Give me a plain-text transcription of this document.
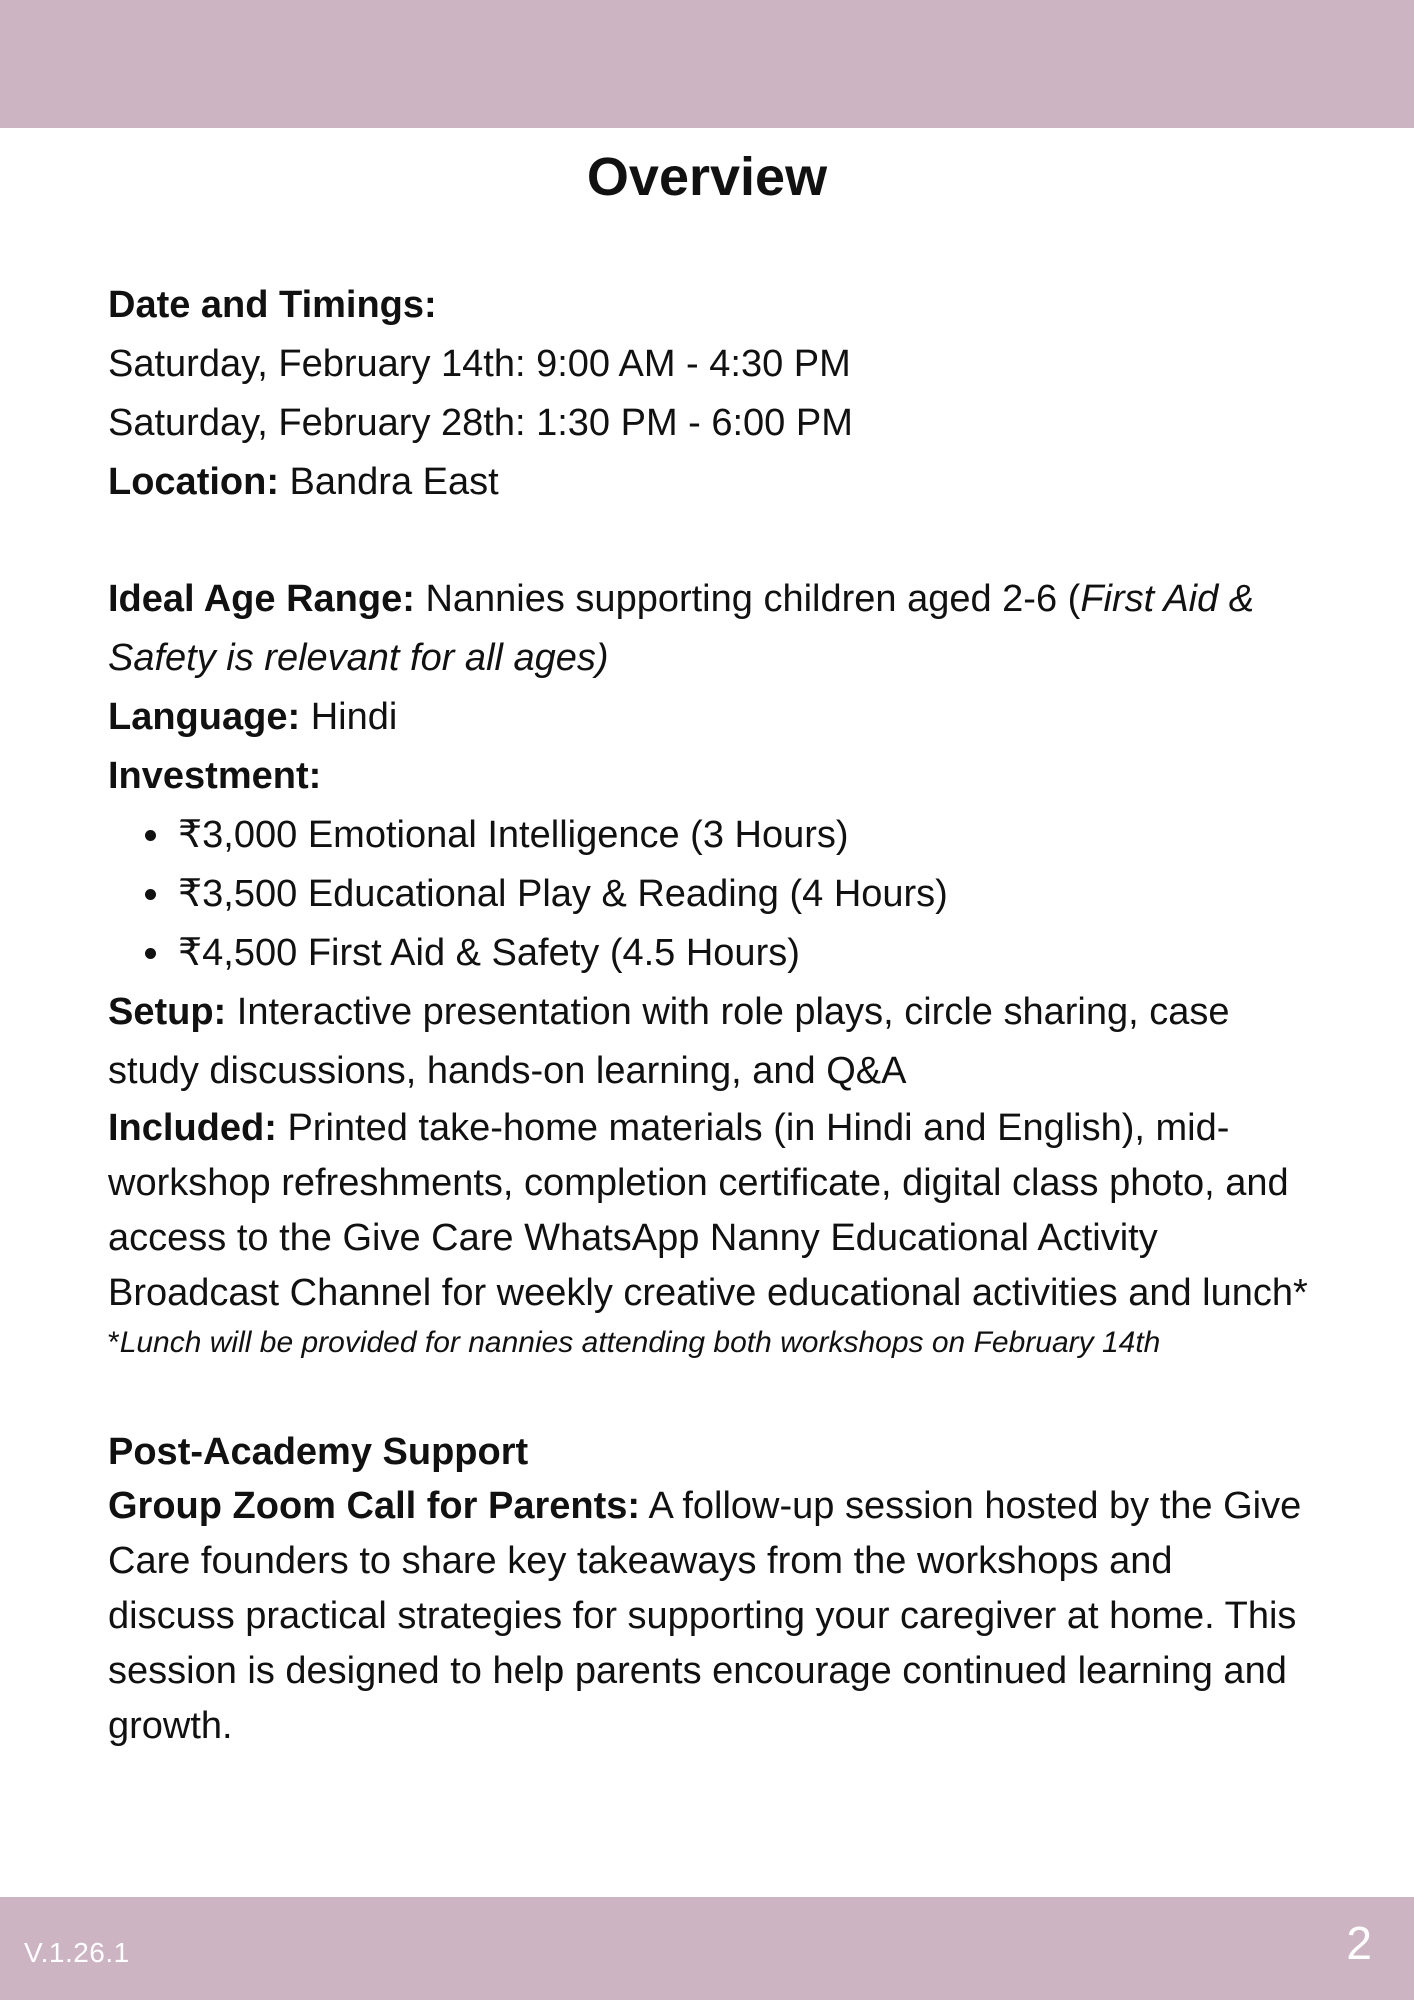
Overview

Date and Timings:

Saturday, February 14th: 9:00 AM - 4:30 PM

Saturday, February 28th: 1:30 PM - 6:00 PM

Location: Bandra East

Ideal Age Range: Nannies supporting children aged 2-6 (First Aid & Safety is relevant for all ages)

Language: Hindi

Investment:

• ₹3,000 Emotional Intelligence (3 Hours)
• ₹3,500 Educational Play & Reading (4 Hours)
• ₹4,500 First Aid & Safety (4.5 Hours)

Setup: Interactive presentation with role plays, circle sharing, case study discussions, hands-on learning, and Q&A

Included: Printed take-home materials (in Hindi and English), mid-workshop refreshments, completion certificate, digital class photo, and access to the Give Care WhatsApp Nanny Educational Activity Broadcast Channel for weekly creative educational activities and lunch*

*Lunch will be provided for nannies attending both workshops on February 14th

Post-Academy Support

Group Zoom Call for Parents: A follow-up session hosted by the Give Care founders to share key takeaways from the workshops and discuss practical strategies for supporting your caregiver at home. This session is designed to help parents encourage continued learning and growth.

V.1.26.1	2
